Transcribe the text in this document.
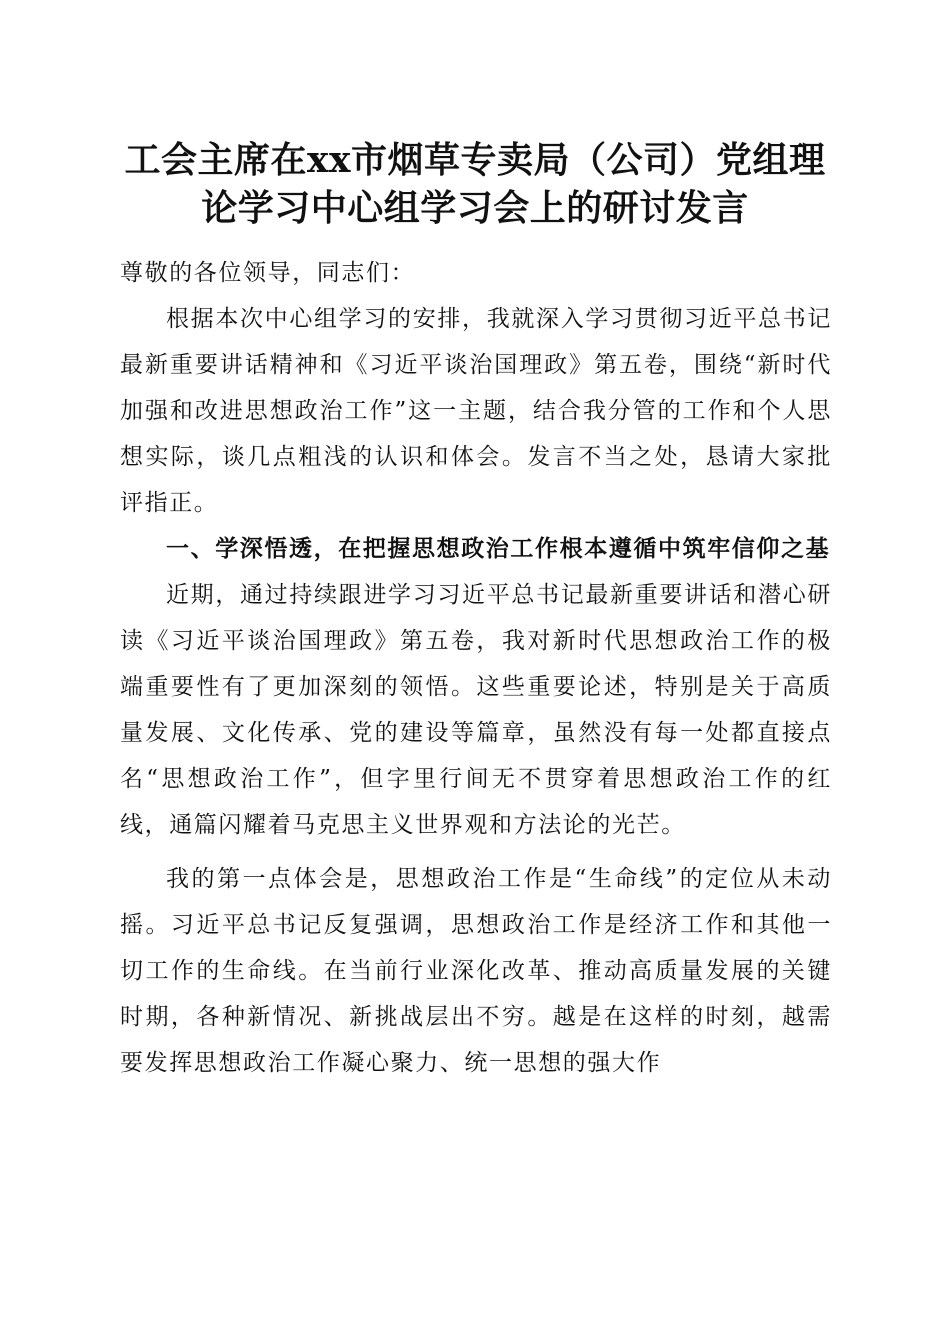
工会主席在xx市烟草专卖局（公司）党组理
论学习中心组学习会上的研讨发言

尊敬的各位领导，同志们：

根据本次中心组学习的安排，我就深入学习贯彻习近平总书记最新重要讲话精神和《习近平谈治国理政》第五卷，围绕“新时代加强和改进思想政治工作”这一主题，结合我分管的工作和个人思想实际，谈几点粗浅的认识和体会。发言不当之处，恳请大家批评指正。

一、学深悟透，在把握思想政治工作根本遵循中筑牢信仰之基

近期，通过持续跟进学习习近平总书记最新重要讲话和潜心研读《习近平谈治国理政》第五卷，我对新时代思想政治工作的极端重要性有了更加深刻的领悟。这些重要论述，特别是关于高质量发展、文化传承、党的建设等篇章，虽然没有每一处都直接点名“思想政治工作”，但字里行间无不贯穿着思想政治工作的红线，通篇闪耀着马克思主义世界观和方法论的光芒。

我的第一点体会是，思想政治工作是“生命线”的定位从未动摇。习近平总书记反复强调，思想政治工作是经济工作和其他一切工作的生命线。在当前行业深化改革、推动高质量发展的关键时期，各种新情况、新挑战层出不穷。越是在这样的时刻，越需要发挥思想政治工作凝心聚力、统一思想的强大作
